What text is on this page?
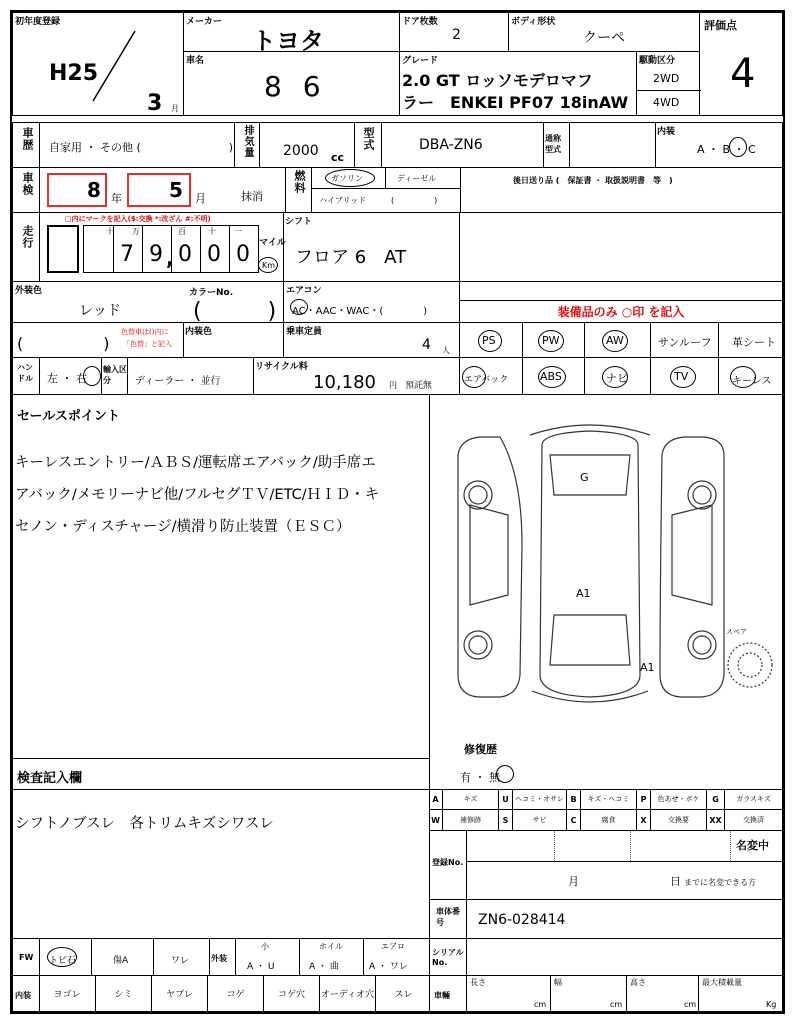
初年度登録
H25
3 月
メーカー
トヨタ
ドア枚数
2
ボディ形状
クーペ
評価点
4
車名
8 6
グレード
2.0 GT ロッソモデロマフ
ラー　ENKEI PF07 18inAW
駆動区分
2WD
4WD
車歴 自家用 ・ その他 (　　　　　　　　) 排気量 2000 cc
型式	DBA-ZN6	通称型式
内装
A ・ B ・ C
車検	8 年 5 月	抹消
燃料	ガソリン	ディーゼル
ハイブリッド	(　　　　　)
後日送り品 (　保証書 ・ 取扱説明書　等　)
走行
□内にマークを記入($:交換 *:改ざん #:不明)
十 万	百	十 一
7 9 , 0 0 0 マイル
Km
シフト
フロア 6　AT
外装色
レッド
カラーNo.
(　　　)
エアコン
AC・AAC・WAC・(　　　　)	装備品のみ ○印 を記入
(　　　　　)
色替車は()内に
「色替」と記入
内装色	乗車定員
4 人
PS	PW	AW	サンルーフ 革シート
エアバック	ABS	ナビ	TV	キーレス
ハンドル 左 ・ 右
輸入区分	ディーラー ・ 並行
リサイクル料
10,180 円 預託無
セールスポイント
キーレスエントリー/ＡＢＳ/運転席エアバック/助手席エ
アバック/メモリーナビ他/フルセグＴＶ/ETC/ＨＩＤ・キ
セノン・ディスチャージ/横滑り防止装置（ＥＳＣ）
G
A1
A1
スペア
修復歴
有 ・ 無
検査記入欄
シフトノブスレ　各トリムキズシワスレ
A	キズ	U ヘコミ・オサレ B	キズ・ヘコミ	P	色あせ・ボケ	G	ガラスキズ
W	補修跡	S	サビ	C	腐食	X	交換要	XX	交換済
登録No.
名変中
月	日 までに名変できる方
車体番号	ZN6-028414
FW トビ石	傷A	ワレ	外装
小
A ・ U
ホイル
A ・ 曲
エアロ
A ・ ワレ
シリアルNo.
内装	ヨゴレ	シミ	ヤブレ	コゲ	コゲ穴	オーディオ穴	スレ	車輛
長さ
cm
幅
cm
高さ
cm
最大積載量
Kg
